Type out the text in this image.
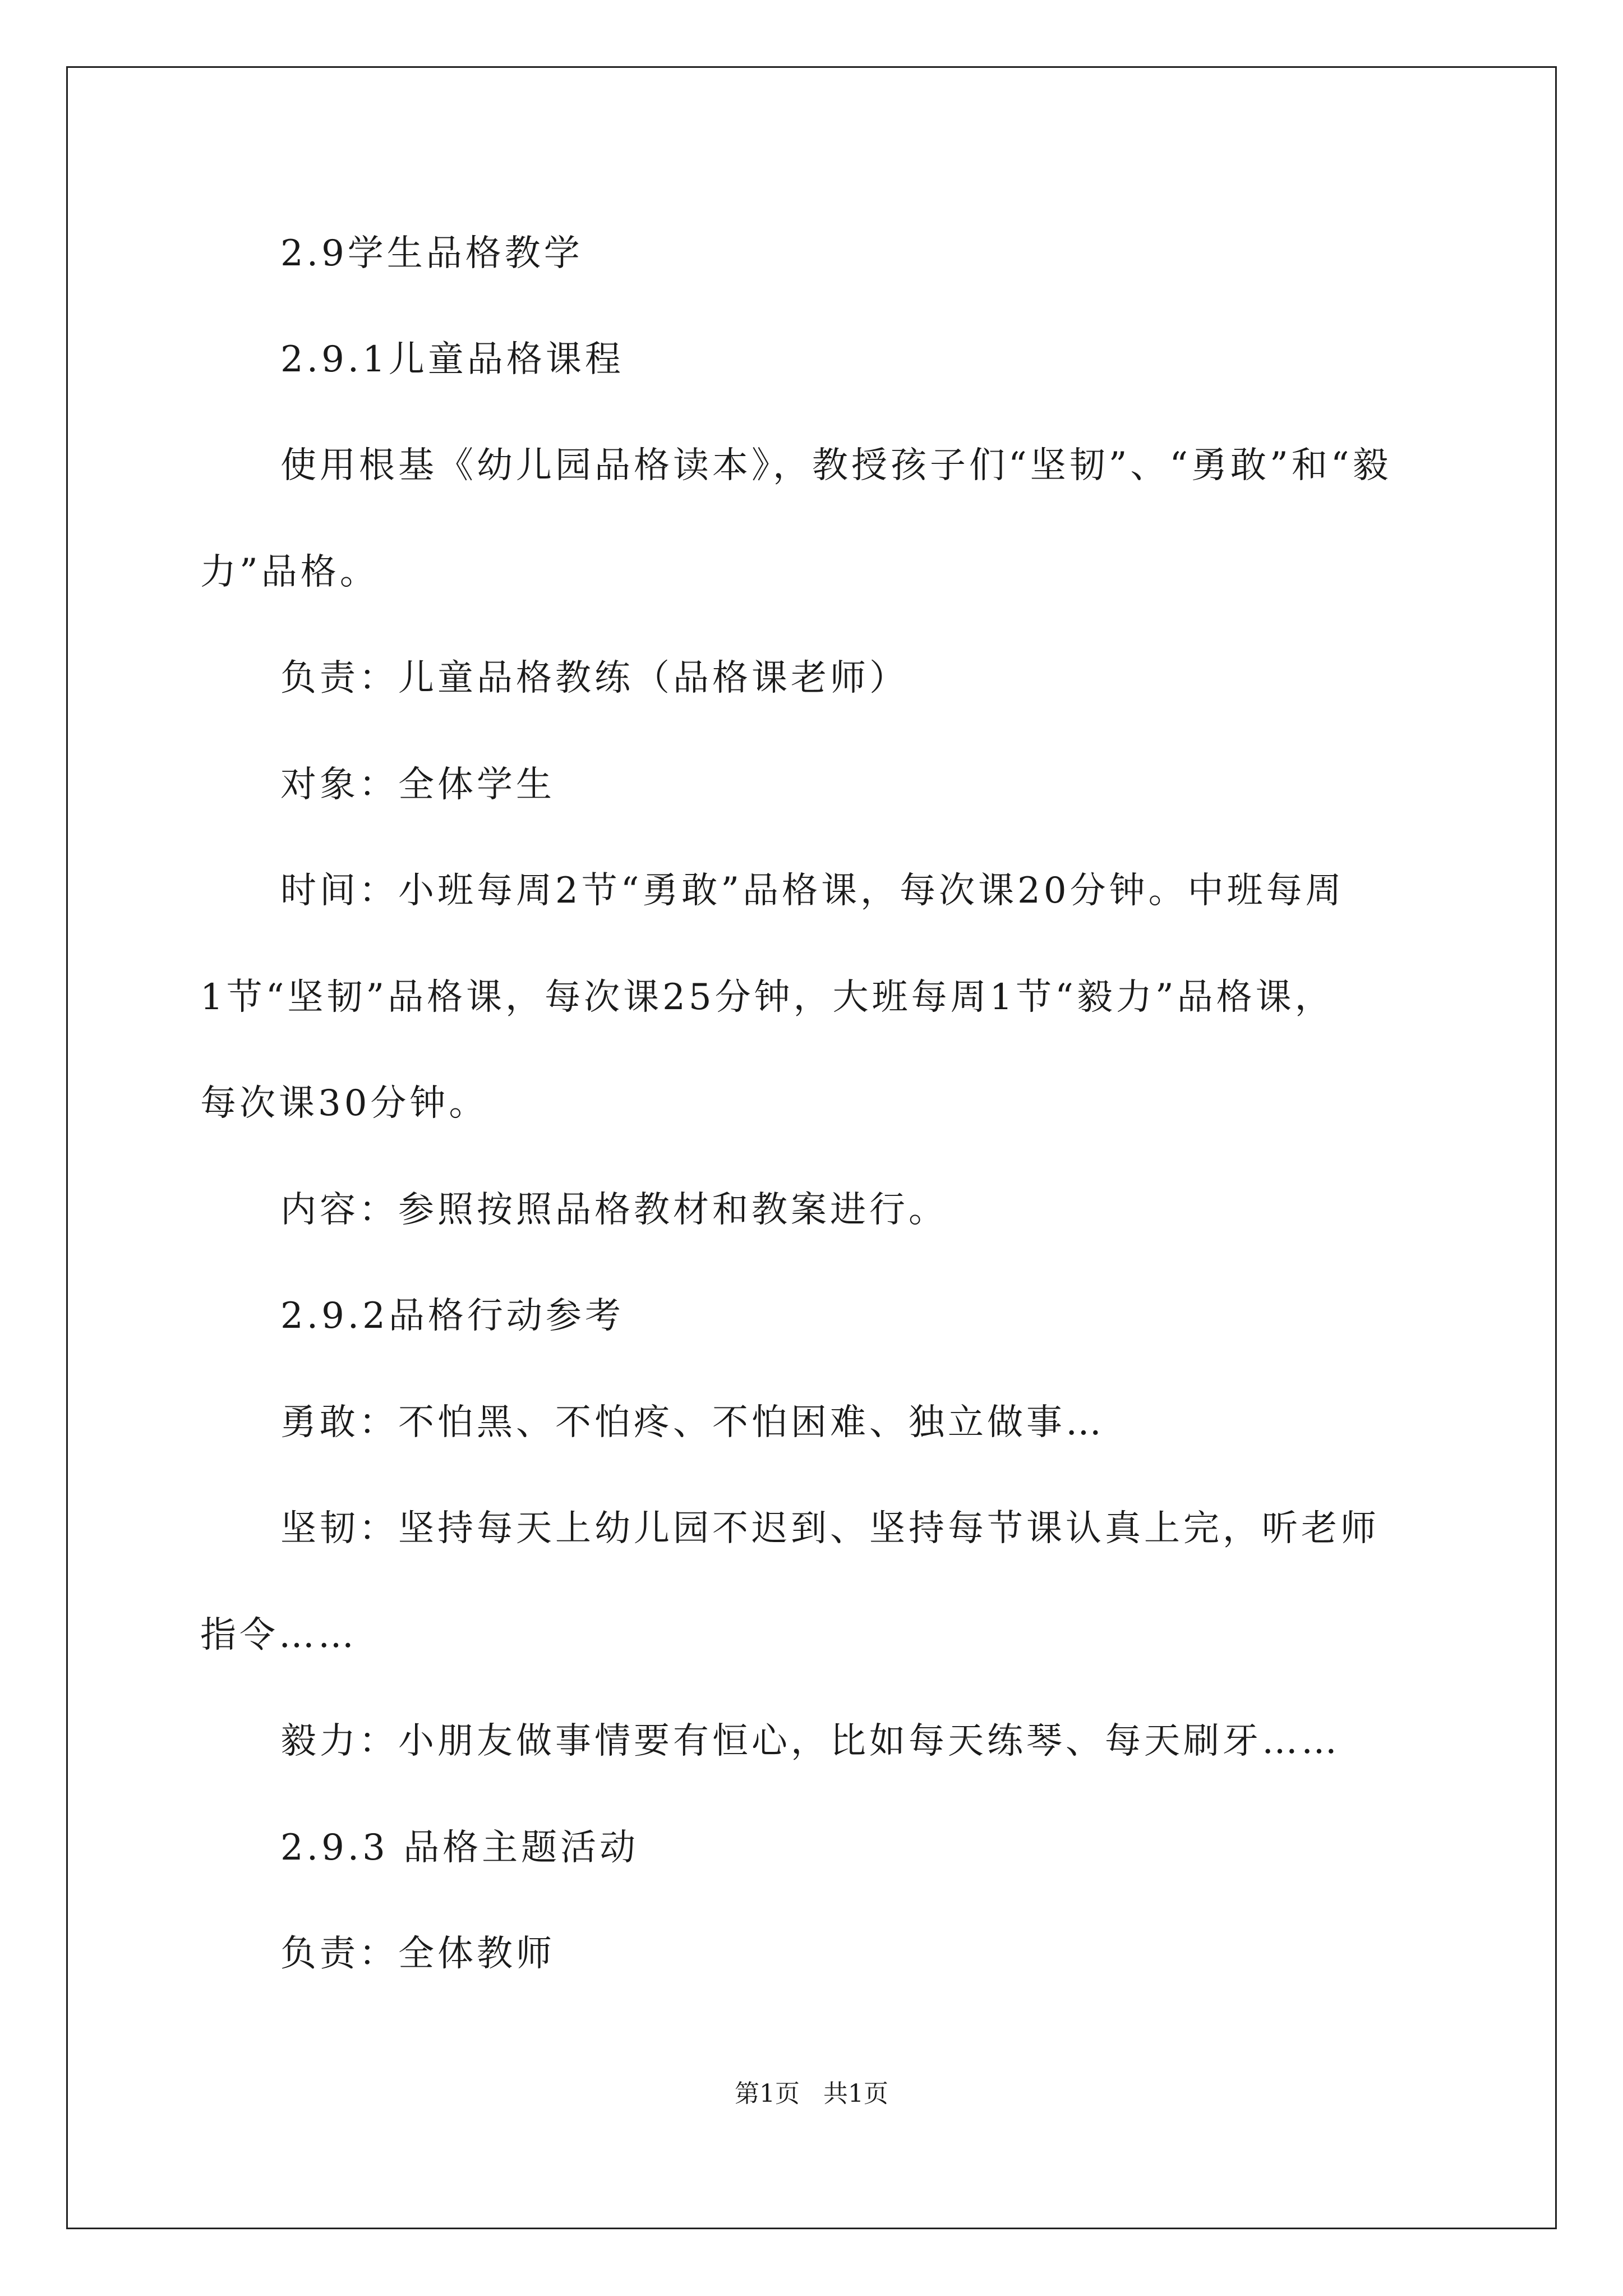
2.9学生品格教学
2.9.1儿童品格课程
使用根基《幼儿园品格读本》，教授孩子们“坚韧”、“勇敢”和“毅
力”品格。
负责：儿童品格教练（品格课老师）
对象：全体学生
时间：小班每周2节“勇敢”品格课，每次课20分钟。中班每周
1节“坚韧”品格课，每次课25分钟，大班每周1节“毅力”品格课，
每次课30分钟。
内容：参照按照品格教材和教案进行。
2.9.2品格行动参考
勇敢：不怕黑、不怕疼、不怕困难、独立做事…
坚韧：坚持每天上幼儿园不迟到、坚持每节课认真上完，听老师
指令……
毅力：小朋友做事情要有恒心，比如每天练琴、每天刷牙……
2.9.3 品格主题活动
负责：全体教师
第1页   共1页
